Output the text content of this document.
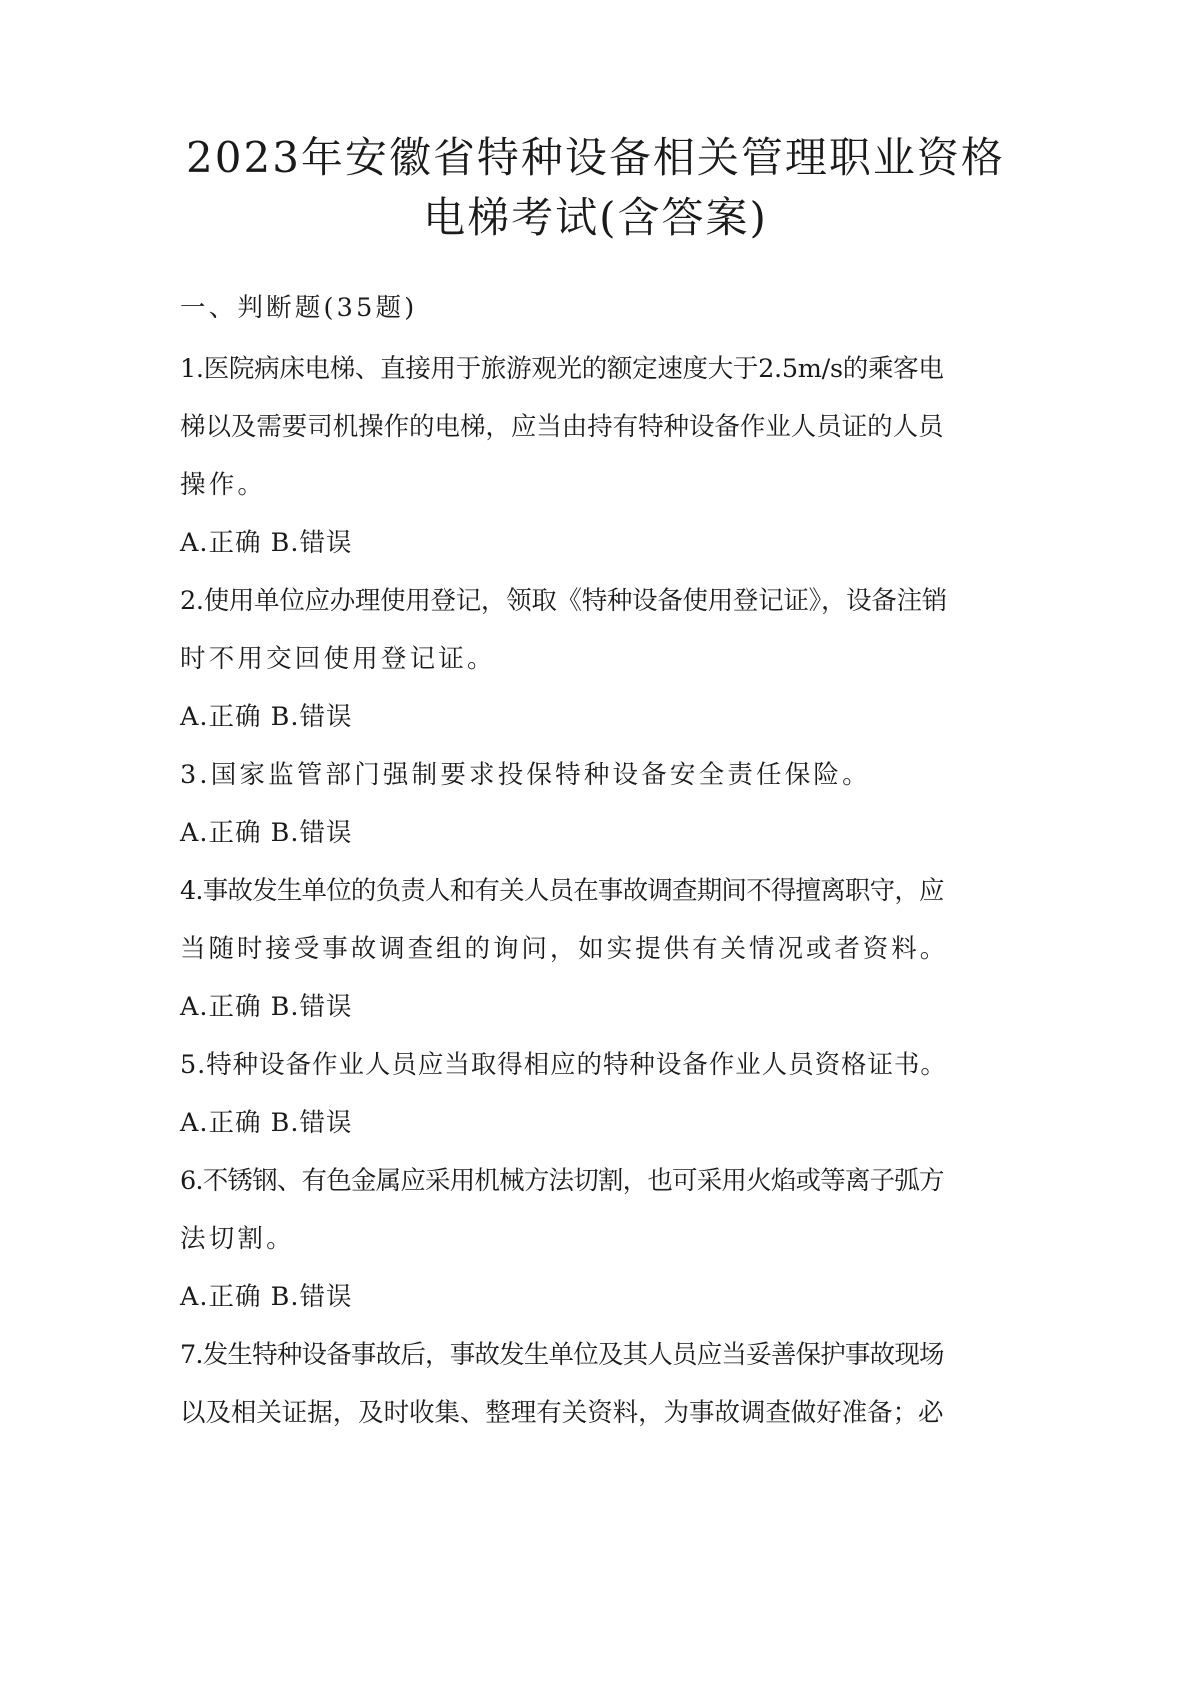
2023年安徽省特种设备相关管理职业资格
电梯考试(含答案)
一、判断题(35题)
1.医院病床电梯、直接用于旅游观光的额定速度大于2.5m/s的乘客电
梯以及需要司机操作的电梯，应当由持有特种设备作业人员证的人员
操作。
A.正确 B.错误
2.使用单位应办理使用登记，领取《特种设备使用登记证》，设备注销
时不用交回使用登记证。
A.正确 B.错误
3.国家监管部门强制要求投保特种设备安全责任保险。
A.正确 B.错误
4.事故发生单位的负责人和有关人员在事故调查期间不得擅离职守，应
当随时接受事故调查组的询问，如实提供有关情况或者资料。
A.正确 B.错误
5.特种设备作业人员应当取得相应的特种设备作业人员资格证书。
A.正确 B.错误
6.不锈钢、有色金属应采用机械方法切割，也可采用火焰或等离子弧方
法切割。
A.正确 B.错误
7.发生特种设备事故后，事故发生单位及其人员应当妥善保护事故现场
以及相关证据，及时收集、整理有关资料，为事故调查做好准备；必
